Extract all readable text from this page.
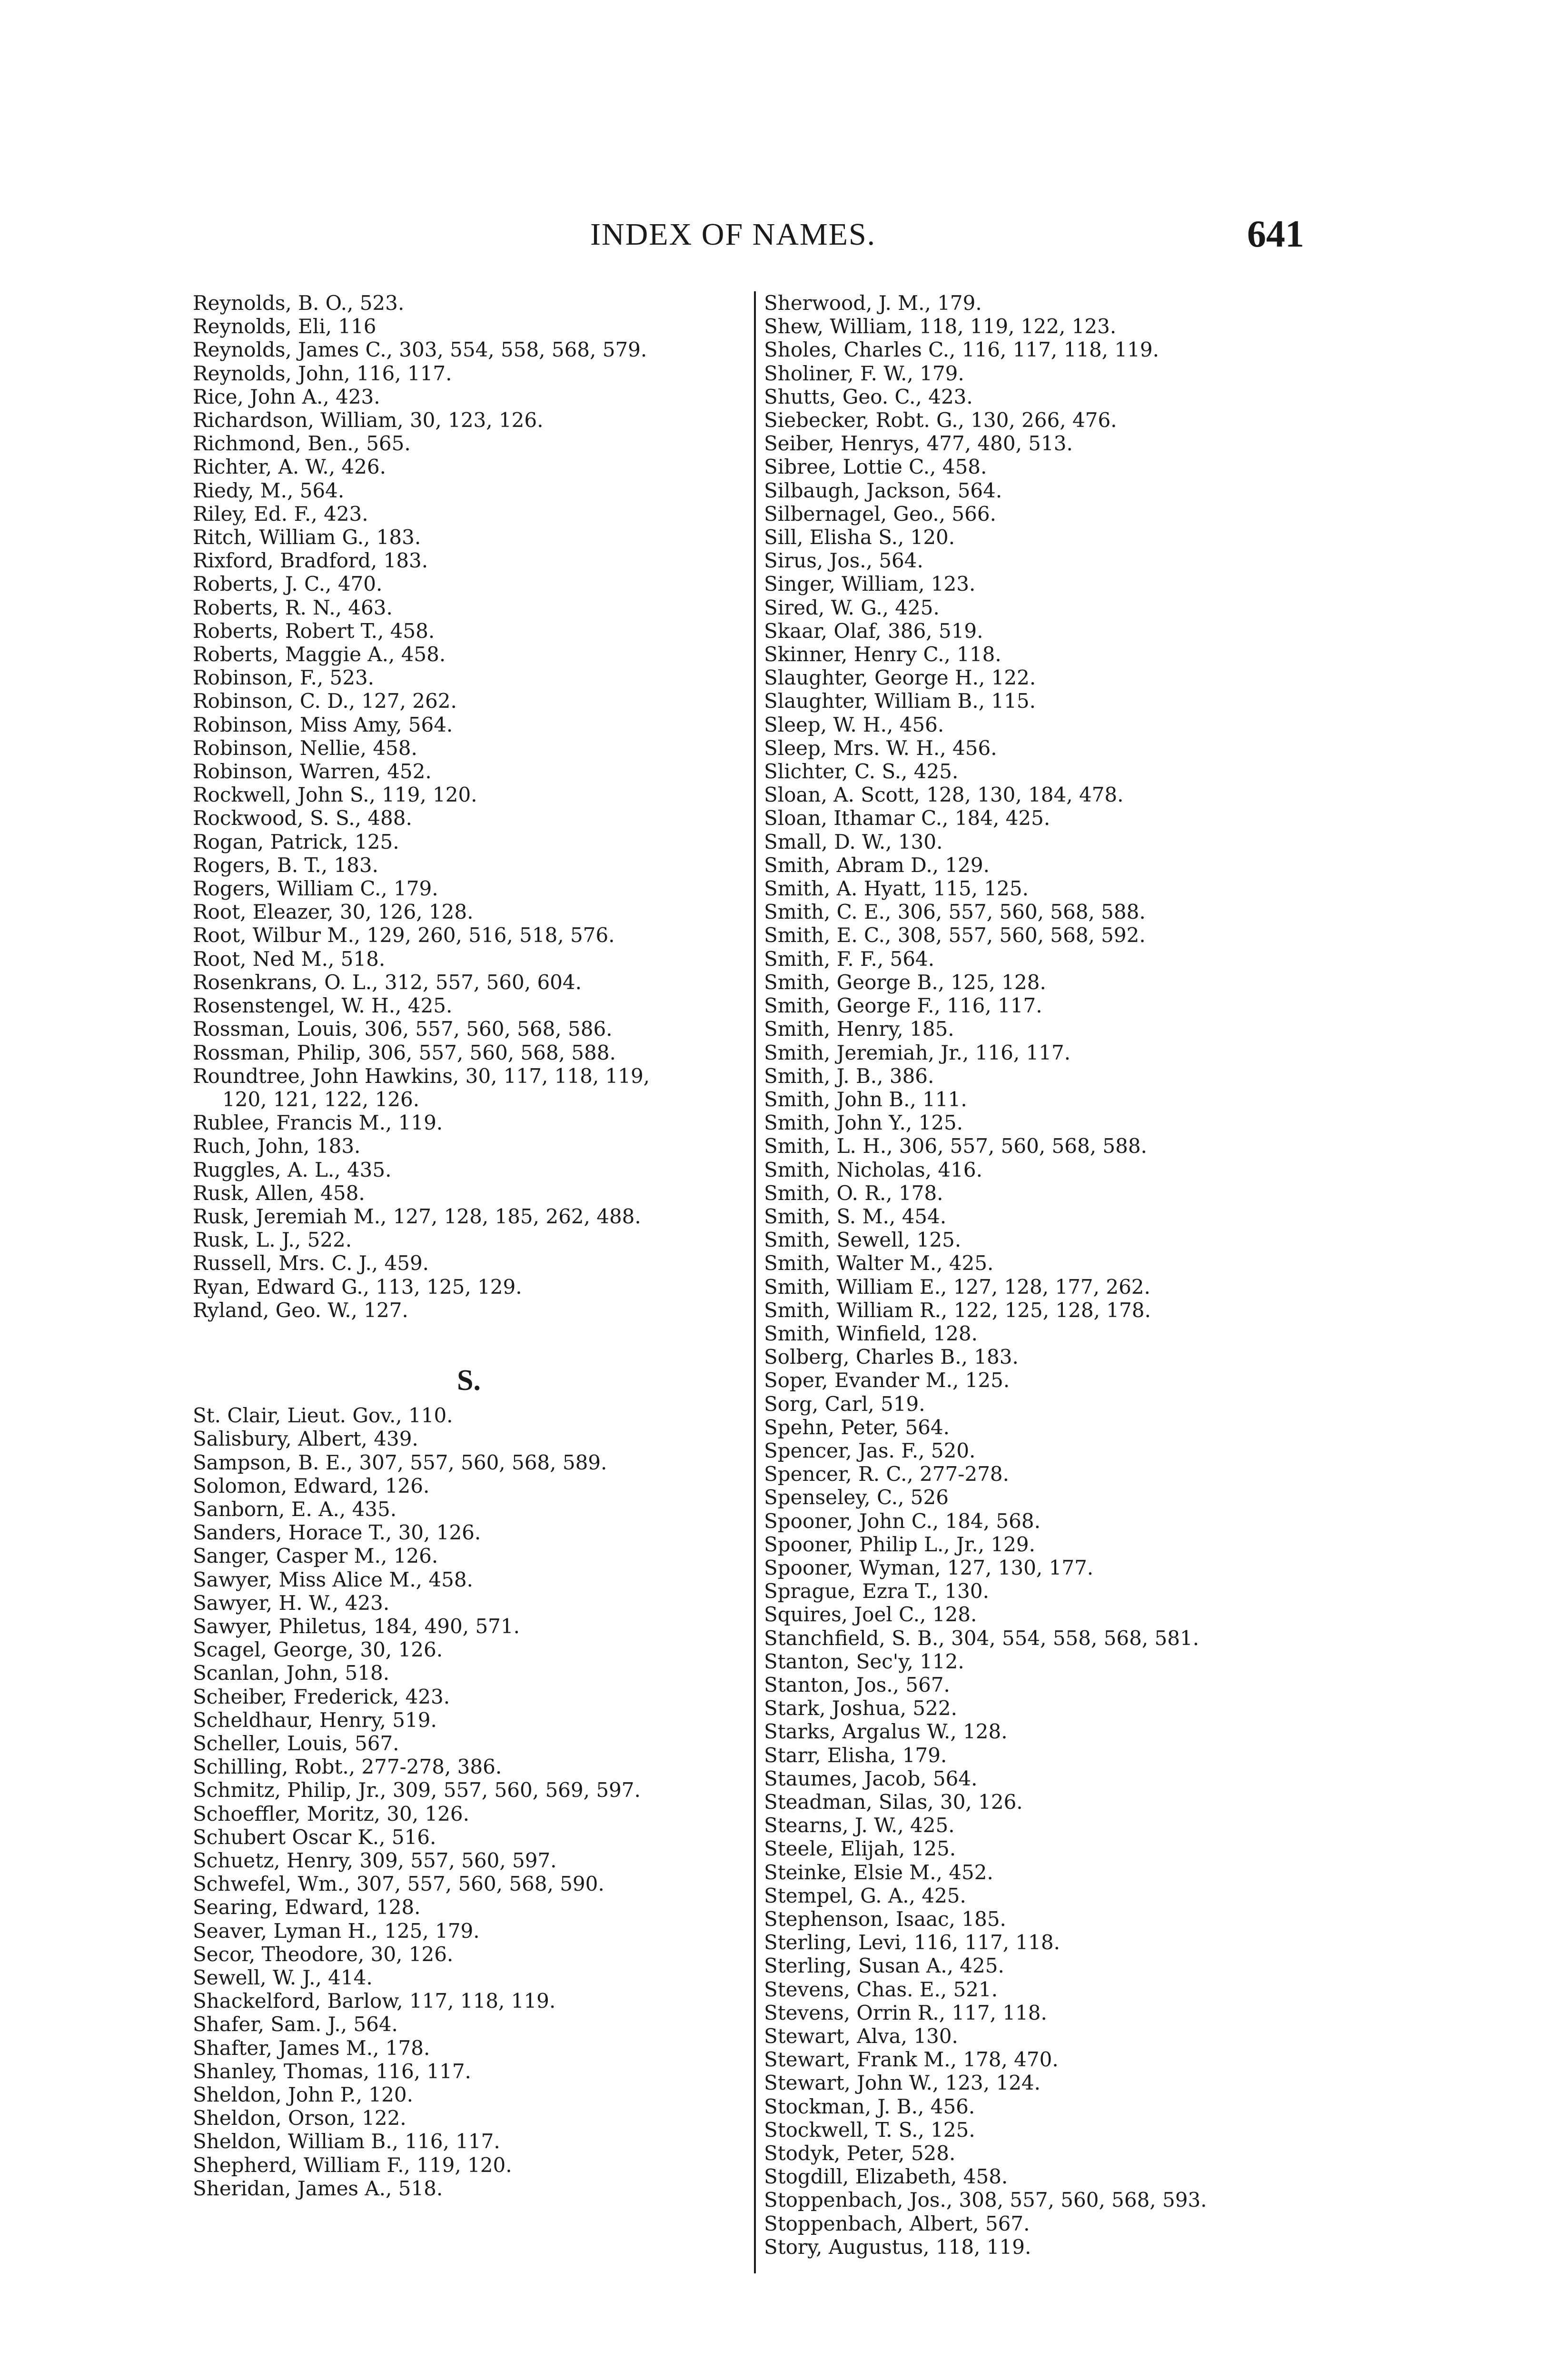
INDEX OF NAMES.	641
Reynolds, B. O., 523.
Reynolds, Eli, 116
Reynolds, James C., 303, 554, 558, 568, 579.
Reynolds, John, 116, 117.
Rice, John A., 423.
Richardson, William, 30, 123, 126.
Richmond, Ben., 565.
Richter, A. W., 426.
Riedy, M., 564.
Riley, Ed. F., 423.
Ritch, William G., 183.
Rixford, Bradford, 183.
Roberts, J. C., 470.
Roberts, R. N., 463.
Roberts, Robert T., 458.
Roberts, Maggie A., 458.
Robinson, F., 523.
Robinson, C. D., 127, 262.
Robinson, Miss Amy, 564.
Robinson, Nellie, 458.
Robinson, Warren, 452.
Rockwell, John S., 119, 120.
Rockwood, S. S., 488.
Rogan, Patrick, 125.
Rogers, B. T., 183.
Rogers, William C., 179.
Root, Eleazer, 30, 126, 128.
Root, Wilbur M., 129, 260, 516, 518, 576.
Root, Ned M., 518.
Rosenkrans, O. L., 312, 557, 560, 604.
Rosenstengel, W. H., 425.
Rossman, Louis, 306, 557, 560, 568, 586.
Rossman, Philip, 306, 557, 560, 568, 588.
Roundtree, John Hawkins, 30, 117, 118, 119,
120, 121, 122, 126.
Rublee, Francis M., 119.
Ruch, John, 183.
Ruggles, A. L., 435.
Rusk, Allen, 458.
Rusk, Jeremiah M., 127, 128, 185, 262, 488.
Rusk, L. J., 522.
Russell, Mrs. C. J., 459.
Ryan, Edward G., 113, 125, 129.
Ryland, Geo. W., 127.
S.
St. Clair, Lieut. Gov., 110.
Salisbury, Albert, 439.
Sampson, B. E., 307, 557, 560, 568, 589.
Solomon, Edward, 126.
Sanborn, E. A., 435.
Sanders, Horace T., 30, 126.
Sanger, Casper M., 126.
Sawyer, Miss Alice M., 458.
Sawyer, H. W., 423.
Sawyer, Philetus, 184, 490, 571.
Scagel, George, 30, 126.
Scanlan, John, 518.
Scheiber, Frederick, 423.
Scheldhaur, Henry, 519.
Scheller, Louis, 567.
Schilling, Robt., 277-278, 386.
Schmitz, Philip, Jr., 309, 557, 560, 569, 597.
Schoeffler, Moritz, 30, 126.
Schubert Oscar K., 516.
Schuetz, Henry, 309, 557, 560, 597.
Schwefel, Wm., 307, 557, 560, 568, 590.
Searing, Edward, 128.
Seaver, Lyman H., 125, 179.
Secor, Theodore, 30, 126.
Sewell, W. J., 414.
Shackelford, Barlow, 117, 118, 119.
Shafer, Sam. J., 564.
Shafter, James M., 178.
Shanley, Thomas, 116, 117.
Sheldon, John P., 120.
Sheldon, Orson, 122.
Sheldon, William B., 116, 117.
Shepherd, William F., 119, 120.
Sheridan, James A., 518.
Sherwood, J. M., 179.
Shew, William, 118, 119, 122, 123.
Sholes, Charles C., 116, 117, 118, 119.
Sholiner, F. W., 179.
Shutts, Geo. C., 423.
Siebecker, Robt. G., 130, 266, 476.
Seiber, Henrys, 477, 480, 513.
Sibree, Lottie C., 458.
Silbaugh, Jackson, 564.
Silbernagel, Geo., 566.
Sill, Elisha S., 120.
Sirus, Jos., 564.
Singer, William, 123.
Sired, W. G., 425.
Skaar, Olaf, 386, 519.
Skinner, Henry C., 118.
Slaughter, George H., 122.
Slaughter, William B., 115.
Sleep, W. H., 456.
Sleep, Mrs. W. H., 456.
Slichter, C. S., 425.
Sloan, A. Scott, 128, 130, 184, 478.
Sloan, Ithamar C., 184, 425.
Small, D. W., 130.
Smith, Abram D., 129.
Smith, A. Hyatt, 115, 125.
Smith, C. E., 306, 557, 560, 568, 588.
Smith, E. C., 308, 557, 560, 568, 592.
Smith, F. F., 564.
Smith, George B., 125, 128.
Smith, George F., 116, 117.
Smith, Henry, 185.
Smith, Jeremiah, Jr., 116, 117.
Smith, J. B., 386.
Smith, John B., 111.
Smith, John Y., 125.
Smith, L. H., 306, 557, 560, 568, 588.
Smith, Nicholas, 416.
Smith, O. R., 178.
Smith, S. M., 454.
Smith, Sewell, 125.
Smith, Walter M., 425.
Smith, William E., 127, 128, 177, 262.
Smith, William R., 122, 125, 128, 178.
Smith, Winfield, 128.
Solberg, Charles B., 183.
Soper, Evander M., 125.
Sorg, Carl, 519.
Spehn, Peter, 564.
Spencer, Jas. F., 520.
Spencer, R. C., 277-278.
Spenseley, C., 526
Spooner, John C., 184, 568.
Spooner, Philip L., Jr., 129.
Spooner, Wyman, 127, 130, 177.
Sprague, Ezra T., 130.
Squires, Joel C., 128.
Stanchfield, S. B., 304, 554, 558, 568, 581.
Stanton, Sec'y, 112.
Stanton, Jos., 567.
Stark, Joshua, 522.
Starks, Argalus W., 128.
Starr, Elisha, 179.
Staumes, Jacob, 564.
Steadman, Silas, 30, 126.
Stearns, J. W., 425.
Steele, Elijah, 125.
Steinke, Elsie M., 452.
Stempel, G. A., 425.
Stephenson, Isaac, 185.
Sterling, Levi, 116, 117, 118.
Sterling, Susan A., 425.
Stevens, Chas. E., 521.
Stevens, Orrin R., 117, 118.
Stewart, Alva, 130.
Stewart, Frank M., 178, 470.
Stewart, John W., 123, 124.
Stockman, J. B., 456.
Stockwell, T. S., 125.
Stodyk, Peter, 528.
Stogdill, Elizabeth, 458.
Stoppenbach, Jos., 308, 557, 560, 568, 593.
Stoppenbach, Albert, 567.
Story, Augustus, 118, 119.
